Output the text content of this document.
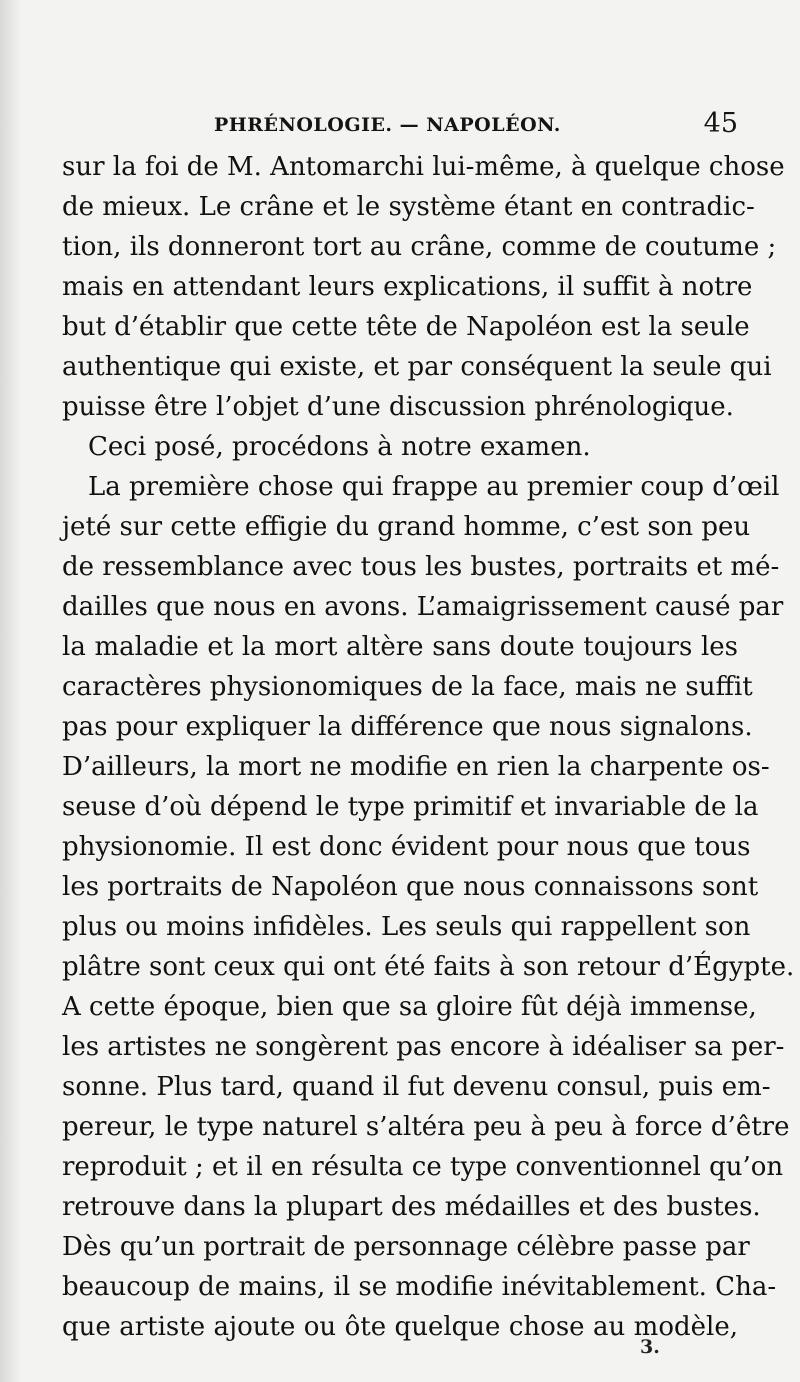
PHRÉNOLOGIE. — NAPOLÉON.	45
sur la foi de M. Antomarchi lui-même, à quelque chose
de mieux. Le crâne et le système étant en contradic-
tion, ils donneront tort au crâne, comme de coutume ;
mais en attendant leurs explications, il suffit à notre
but d’établir que cette tête de Napoléon est la seule
authentique qui existe, et par conséquent la seule qui
puisse être l’objet d’une discussion phrénologique.
Ceci posé, procédons à notre examen.
La première chose qui frappe au premier coup d’œil
jeté sur cette effigie du grand homme, c’est son peu
de ressemblance avec tous les bustes, portraits et mé-
dailles que nous en avons. L’amaigrissement causé par
la maladie et la mort altère sans doute toujours les
caractères physionomiques de la face, mais ne suffit
pas pour expliquer la différence que nous signalons.
D’ailleurs, la mort ne modifie en rien la charpente os-
seuse d’où dépend le type primitif et invariable de la
physionomie. Il est donc évident pour nous que tous
les portraits de Napoléon que nous connaissons sont
plus ou moins infidèles. Les seuls qui rappellent son
plâtre sont ceux qui ont été faits à son retour d’Égypte.
A cette époque, bien que sa gloire fût déjà immense,
les artistes ne songèrent pas encore à idéaliser sa per-
sonne. Plus tard, quand il fut devenu consul, puis em-
pereur, le type naturel s’altéra peu à peu à force d’être
reproduit ; et il en résulta ce type conventionnel qu’on
retrouve dans la plupart des médailles et des bustes.
Dès qu’un portrait de personnage célèbre passe par
beaucoup de mains, il se modifie inévitablement. Cha-
que artiste ajoute ou ôte quelque chose au modèle,
3.
